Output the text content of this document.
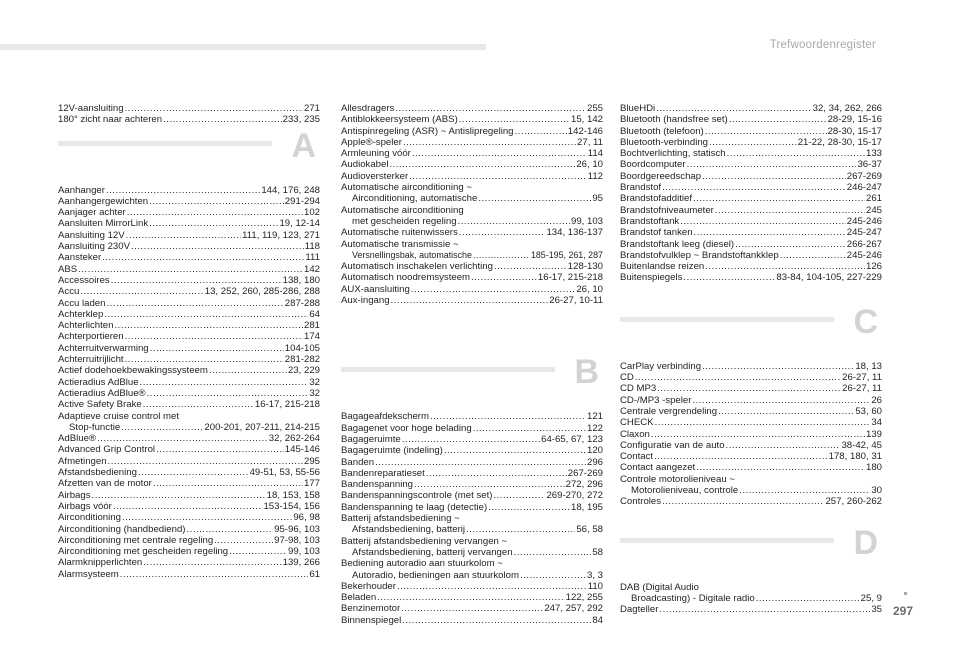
Trefwoordenregister
12V-aansluiting .....	271
180° zicht naar achteren .....	233, 235
A
Aanhanger .....	144, 176, 248
Aanhangergewichten .....	291-294
Aanjager achter .....	102
Aansluiten MirrorLink .....	19, 12-14
Aansluiting 12V .....	111, 119, 123, 271
Aansluiting 230V .....	118
Aansteker .....	111
ABS .....	142
Accessoires .....	138, 180
Accu .....	13, 252, 260, 285-286, 288
Accu laden .....	287-288
Achterklep .....	64
Achterlichten .....	281
Achterportieren .....	174
Achterruitverwarming .....	104-105
Achterruitrijlicht .....	281-282
Actief dodehoekbewakingssysteem .....	23, 229
Actieradius AdBlue .....	32
Actieradius AdBlue® .....	32
Active Safety Brake .....	16-17, 215-218
Adaptieve cruise control met
Stop-functie .....	200-201, 207-211, 214-215
AdBlue® .....	32, 262-264
Advanced Grip Control .....	145-146
Afmetingen .....	295
Afstandsbediening .....	49-51, 53, 55-56
Afzetten van de motor .....	177
Airbags .....	18, 153, 158
Airbags vóór .....	153-154, 156
Airconditioning .....	96, 98
Airconditioning (handbediend) .....	95-96, 103
Airconditioning met centrale regeling .....	97-98, 103
Airconditioning met gescheiden regeling .....	99, 103
Alarmknipperlichten .....	139, 266
Alarmsysteem .....	61
Allesdragers .....	255
Antiblokkeersysteem (ABS) .....	15, 142
Antispinregeling (ASR) ~ Antislipregeling .....	142-146
Apple®-speler .....	27, 11
Armleuning vóór .....	114
Audiokabel .....	26, 10
Audioversterker .....	112
Automatische airconditioning ~
Airconditioning, automatische .....	95
Automatische airconditioning
met gescheiden regeling .....	99, 103
Automatische ruitenwissers .....	134, 136-137
Automatische transmissie ~
Versnellingsbak, automatische .....	185-195, 261, 287
Automatisch inschakelen verlichting .....	128-130
Automatisch noodremsysteem .....	16-17, 215-218
AUX-aansluiting .....	26, 10
Aux-ingang .....	26-27, 10-11
B
Bagageafdekscherm .....	121
Bagagenet voor hoge belading .....	122
Bagageruimte .....	64-65, 67, 123
Bagageruimte (indeling) .....	120
Banden .....	296
Bandenreparatieset .....	267-269
Bandenspanning .....	272, 296
Bandenspanningscontrole (met set) .....	269-270, 272
Bandenspanning te laag (detectie) .....	18, 195
Batterij afstandsbediening ~
Afstandsbediening, batterij .....	56, 58
Batterij afstandsbediening vervangen ~
Afstandsbediening, batterij vervangen .....	58
Bediening autoradio aan stuurkolom ~
Autoradio, bedieningen aan stuurkolom .....	3, 3
Bekerhouder .....	110
Beladen .....	122, 255
Benzinemotor .....	247, 257, 292
Binnenspiegel .....	84
BlueHDi .....	32, 34, 262, 266
Bluetooth (handsfree set) .....	28-29, 15-16
Bluetooth (telefoon) .....	28-30, 15-17
Bluetooth-verbinding .....	21-22, 28-30, 15-17
Bochtverlichting, statisch .....	133
Boordcomputer .....	36-37
Boordgereedschap .....	267-269
Brandstof .....	246-247
Brandstofadditief .....	261
Brandstofniveaumeter .....	245
Brandstoftank .....	245-246
Brandstof tanken .....	245-247
Brandstoftank leeg (diesel) .....	266-267
Brandstofvulklep ~ Brandstoftankklep .....	245-246
Buitenlandse reizen .....	126
Buitenspiegels .....	83-84, 104-105, 227-229
C
CarPlay verbinding .....	18, 13
CD .....	26-27, 11
CD MP3 .....	26-27, 11
CD-/MP3 -speler .....	26
Centrale vergrendeling .....	53, 60
CHECK .....	34
Claxon .....	139
Configuratie van de auto .....	38-42, 45
Contact .....	178, 180, 31
Contact aangezet .....	180
Controle motorolieniveau ~
Motorolieniveau, controle .....	30
Controles .....	257, 260-262
D
DAB (Digital Audio
Broadcasting) - Digitale radio .....	25, 9
Dagteller .....	35 297
